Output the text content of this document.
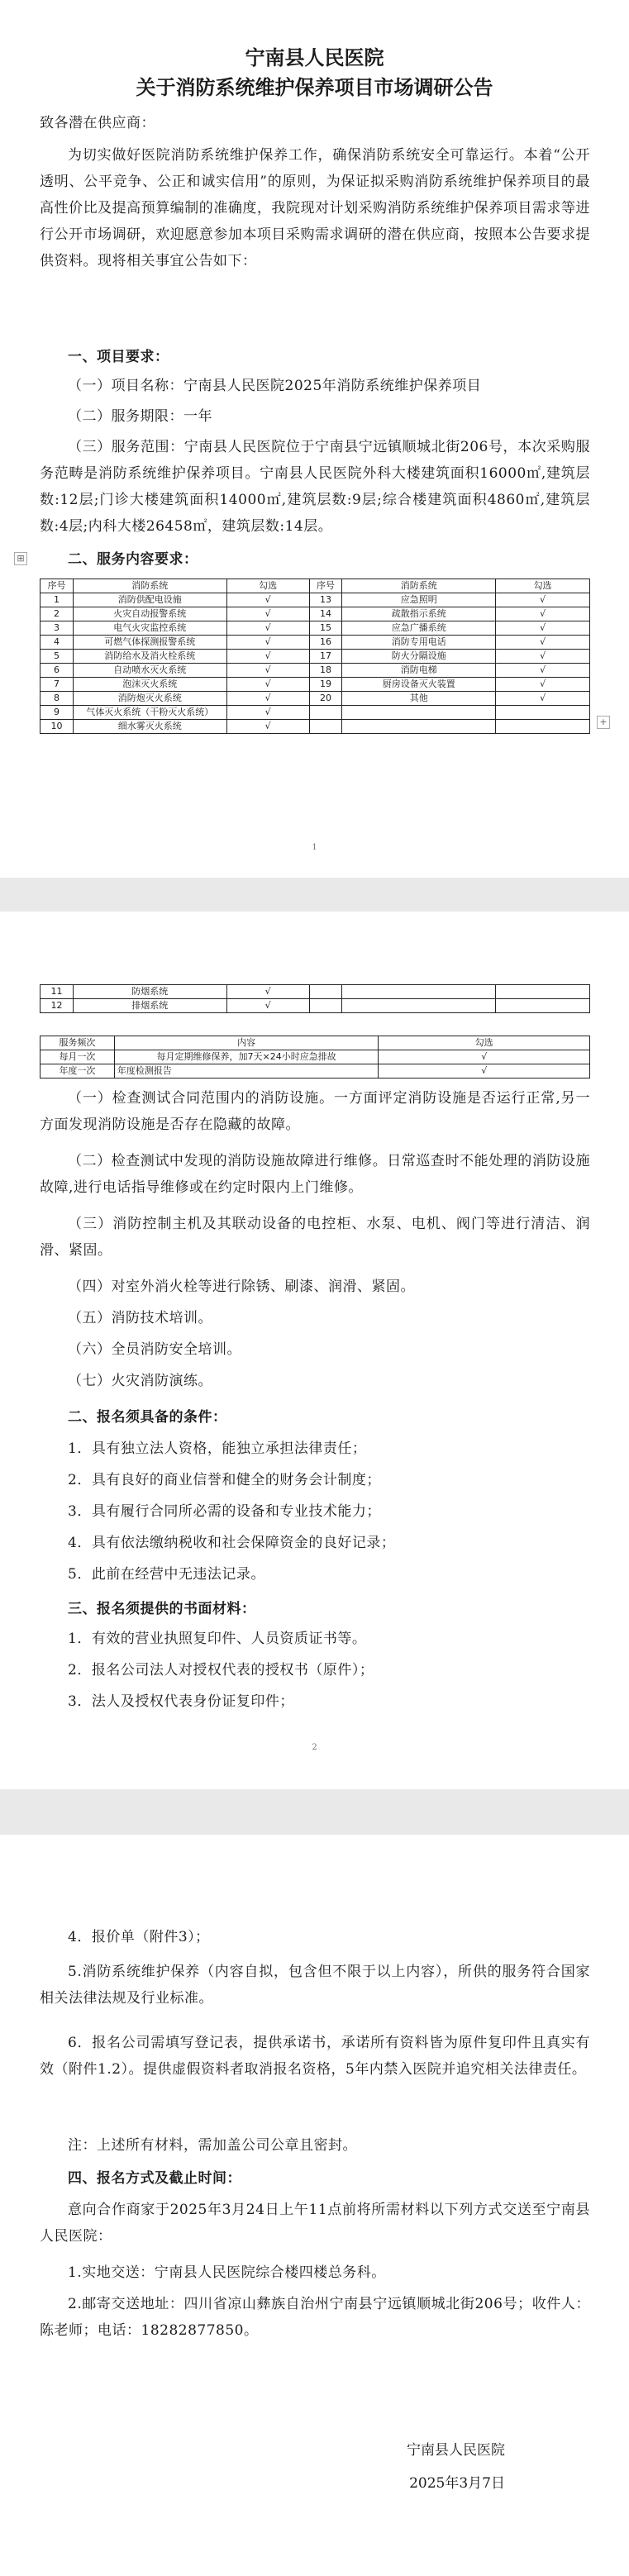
宁南县人民医院

关于消防系统维护保养项目市场调研公告

致各潜在供应商：

为切实做好医院消防系统维护保养工作，确保消防系统安全可靠运行。本着“公开透明、公平竞争、公正和诚实信用”的原则，为保证拟采购消防系统维护保养项目的最高性价比及提高预算编制的准确度，我院现对计划采购消防系统维护保养项目需求等进行公开市场调研，欢迎愿意参加本项目采购需求调研的潜在供应商，按照本公告要求提供资料。现将相关事宜公告如下：

一、项目要求：

（一）项目名称：宁南县人民医院2025年消防系统维护保养项目

（二）服务期限：一年

（三）服务范围：宁南县人民医院位于宁南县宁远镇顺城北街206号，本次采购服务范畴是消防系统维护保养项目。宁南县人民医院外科大楼建筑面积16000㎡,建筑层数:12层;门诊大楼建筑面积14000㎡,建筑层数:9层;综合楼建筑面积4860㎡,建筑层数:4层;内科大楼26458㎡，建筑层数:14层。

⊞	二、服务内容要求：

序号	消防系统	勾选	序号	消防系统	勾选
1	消防供配电设施	√	13	应急照明	√
2	火灾自动报警系统	√	14	疏散指示系统	√
3	电气火灾监控系统	√	15	应急广播系统	√
4	可燃气体探测报警系统	√	16	消防专用电话	√
5	消防给水及消火栓系统	√	17	防火分隔设施	√
6	自动喷水灭火系统	√	18	消防电梯	√
7	泡沫灭火系统	√	19	厨房设备灭火装置	√
8	消防炮灭火系统	√	20	其他	√
9	气体灭火系统（干粉灭火系统）	√			
10	细水雾灭火系统	√				+
1
11	防烟系统	√			
12	排烟系统	√			
服务频次	内容	勾选
每月一次	每月定期维修保养，加7天×24小时应急排故	√
年度一次	年度检测报告	√

（一）检查测试合同范围内的消防设施。一方面评定消防设施是否运行正常,另一方面发现消防设施是否存在隐藏的故障。

（二）检查测试中发现的消防设施故障进行维修。日常巡查时不能处理的消防设施故障,进行电话指导维修或在约定时限内上门维修。

（三）消防控制主机及其联动设备的电控柜、水泵、电机、阀门等进行清洁、润滑、紧固。

（四）对室外消火栓等进行除锈、刷漆、润滑、紧固。

（五）消防技术培训。

（六）全员消防安全培训。

（七）火灾消防演练。

二、报名须具备的条件：

1．具有独立法人资格，能独立承担法律责任；

2．具有良好的商业信誉和健全的财务会计制度；

3．具有履行合同所必需的设备和专业技术能力；

4．具有依法缴纳税收和社会保障资金的良好记录；

5．此前在经营中无违法记录。

三、报名须提供的书面材料：

1．有效的营业执照复印件、人员资质证书等。

2．报名公司法人对授权代表的授权书（原件）；

3．法人及授权代表身份证复印件；

2

4．报价单（附件3）；

5.消防系统维护保养（内容自拟，包含但不限于以上内容），所供的服务符合国家相关法律法规及行业标准。

6．报名公司需填写登记表，提供承诺书，承诺所有资料皆为原件复印件且真实有效（附件1.2）。提供虚假资料者取消报名资格，5年内禁入医院并追究相关法律责任。

注：上述所有材料，需加盖公司公章且密封。

四、报名方式及截止时间：

意向合作商家于2025年3月24日上午11点前将所需材料以下列方式交送至宁南县人民医院：

1.实地交送：宁南县人民医院综合楼四楼总务科。

2.邮寄交送地址：四川省凉山彝族自治州宁南县宁远镇顺城北街206号；收件人：陈老师；电话：18282877850。

宁南县人民医院
2025年3月7日
